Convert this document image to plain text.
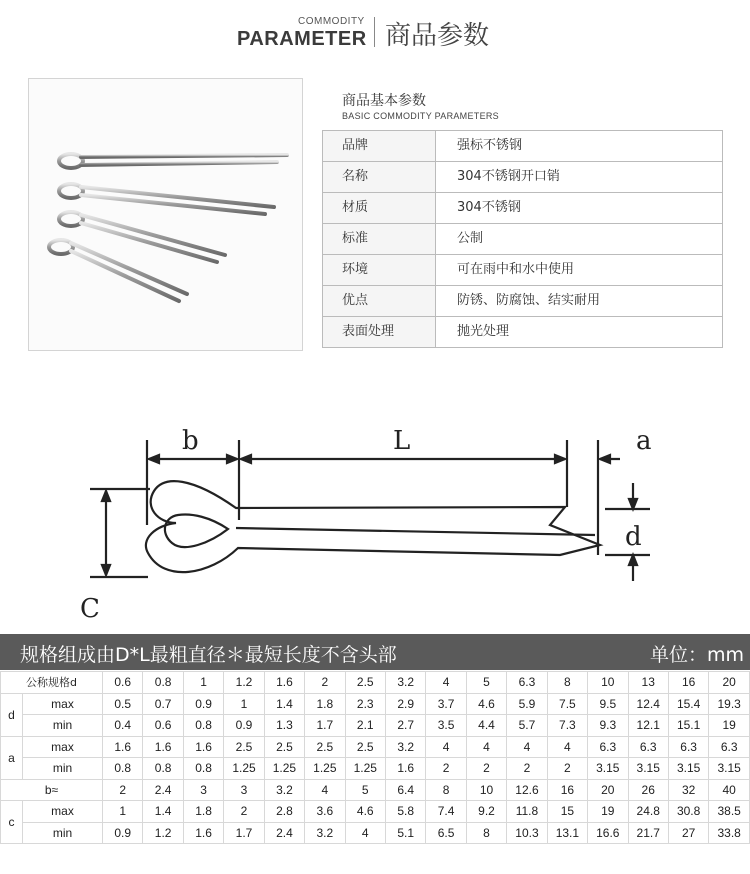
COMMODITY
PARAMETER 商品参数
商品基本参数
BASIC COMMODITY PARAMETERS
品牌	强标不锈钢
名称	304不锈钢开口销
材质	304不锈钢
标准	公制
环境	可在雨中和水中使用
优点	防锈、防腐蚀、结实耐用
表面处理	抛光处理
b	L	a
d
C
规格组成由D*L最粗直径＊最短长度不含头部	单位：mm
公称规格d		0.6	0.8	1	1.2	1.6	2	2.5	3.2	4	5	6.3	8	10	13	16	20
d	max	0.5	0.7	0.9	1	1.4	1.8	2.3	2.9	3.7	4.6	5.9	7.5	9.5	12.4	15.4	19.3
	min	0.4	0.6	0.8	0.9	1.3	1.7	2.1	2.7	3.5	4.4	5.7	7.3	9.3	12.1	15.1	19
a	max	1.6	1.6	1.6	2.5	2.5	2.5	2.5	3.2	4	4	4	4	6.3	6.3	6.3	6.3
	min	0.8	0.8	0.8	1.25	1.25	1.25	1.25	1.6	2	2	2	2	3.15	3.15	3.15	3.15
b≈		2	2.4	3	3	3.2	4	5	6.4	8	10	12.6	16	20	26	32	40
c	max	1	1.4	1.8	2	2.8	3.6	4.6	5.8	7.4	9.2	11.8	15	19	24.8	30.8	38.5
	min	0.9	1.2	1.6	1.7	2.4	3.2	4	5.1	6.5	8	10.3	13.1	16.6	21.7	27	33.8
